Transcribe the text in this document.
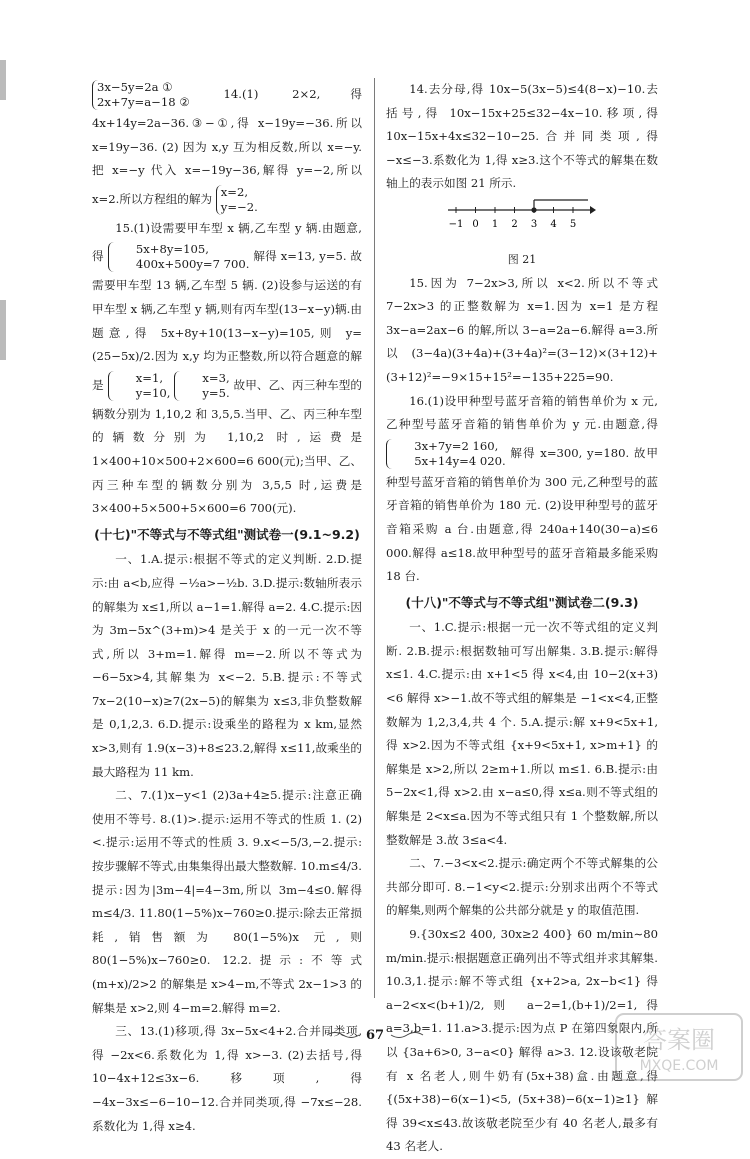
3x−5y=2a ①
2x+7y=a−18 ②
14.(1) 2×2,得 4x+14y=2a−36.③−①,得 x−19y=−36.所以 x=19y−36. (2) 因为 x,y 互为相反数,所以 x=−y.把 x=−y 代入 x=−19y−36,解得 y=−2,所以 x=2.所以方程组的解为 x=2,
y=−2.

15.(1)设需要甲车型 x 辆,乙车型 y 辆.由题意,得	5x+8y=105,
400x+500y=7 700.
解得 x=13, y=5. 故需要甲车型 13 辆,乙车型 5 辆. (2)设参与运送的有甲车型 x 辆,乙车型 y 辆,则有丙车型(13−x−y)辆.由题意,得 5x+8y+10(13−x−y)=105,则 y=(25−5x)/2.因为 x,y 均为正整数,所以符合题意的解是	x=1,
y=10,

x=3,
y=5.
故甲、乙、丙三种车型的辆数分别为 1,10,2 和 3,5,5.当甲、乙、丙三种车型的辆数分别为 1,10,2 时,运费是 1×400+10×500+2×600=6 600(元);当甲、乙、丙三种车型的辆数分别为 3,5,5 时,运费是 3×400+5×500+5×600=6 700(元).

(十七)"不等式与不等式组"测试卷一(9.1~9.2)

一、1.A.提示:根据不等式的定义判断. 2.D.提示:由 a<b,应得 −½a>−½b. 3.D.提示:数轴所表示的解集为 x≤1,所以 a−1=1.解得 a=2. 4.C.提示:因为 3m−5x^(3+m)>4 是关于 x 的一元一次不等式,所以 3+m=1.解得 m=−2.所以不等式为 −6−5x>4,其解集为 x<−2. 5.B.提示:不等式 7x−2(10−x)≥7(2x−5)的解集为 x≤3,非负整数解是 0,1,2,3. 6.D.提示:设乘坐的路程为 x km,显然 x>3,则有 1.9(x−3)+8≤23.2,解得 x≤11,故乘坐的最大路程为 11 km.

二、7.(1)x−y<1 (2)3a+4≥5.提示:注意正确使用不等号. 8.(1)>.提示:运用不等式的性质 1. (2)<.提示:运用不等式的性质 3. 9.x<−5/3,−2.提示:按步骤解不等式,由集集得出最大整数解. 10.m≤4/3.提示:因为|3m−4|=4−3m,所以 3m−4≤0.解得 m≤4/3. 11.80(1−5%)x−760≥0.提示:除去正常损耗,销售额为 80(1−5%)x 元,则 80(1−5%)x−760≥0. 12.2.提示:不等式 (m+x)/2>2 的解集是 x>4−m,不等式 2x−1>3 的解集是 x>2,则 4−m=2.解得 m=2.

三、13.(1)移项,得 3x−5x<4+2.合并同类项,得 −2x<6.系数化为 1,得 x>−3. (2)去括号,得 10−4x+12≤3x−6.移项,得 −4x−3x≤−6−10−12.合并同类项,得 −7x≤−28.系数化为 1,得 x≥4.

14.去分母,得 10x−5(3x−5)≤4(8−x)−10.去括号,得 10x−15x+25≤32−4x−10.移项,得 10x−15x+4x≤32−10−25.合并同类项,得 −x≤−3.系数化为 1,得 x≥3.这个不等式的解集在数轴上的表示如图 21 所示.

−1 0 1 2 3 4 5
图 21

15.因为 7−2x>3,所以 x<2.所以不等式 7−2x>3 的正整数解为 x=1.因为 x=1 是方程 3x−a=2ax−6 的解,所以 3−a=2a−6.解得 a=3.所以(3−4a)(3+4a)+(3+4a)²=(3−12)×(3+12)+(3+12)²=−9×15+15²=−135+225=90.

16.(1)设甲种型号蓝牙音箱的销售单价为 x 元,乙种型号蓝牙音箱的销售单价为 y 元.由题意,得
3x+7y=2 160,
5x+14y=4 020.
解得 x=300, y=180. 故甲种型号蓝牙音箱的销售单价为 300 元,乙种型号的蓝牙音箱的销售单价为 180 元. (2)设甲种型号的蓝牙音箱采购 a 台.由题意,得 240a+140(30−a)≤6 000.解得 a≤18.故甲种型号的蓝牙音箱最多能采购 18 台.

(十八)"不等式与不等式组"测试卷二(9.3)

一、1.C.提示:根据一元一次不等式组的定义判断. 2.B.提示:根据数轴可写出解集. 3.B.提示:解得 x≤1. 4.C.提示:由 x+1<5 得 x<4,由 10−2(x+3)<6 解得 x>−1.故不等式组的解集是 −1<x<4,正整数解为 1,2,3,4,共 4 个. 5.A.提示:解 x+9<5x+1,得 x>2.因为不等式组 {x+9<5x+1, x>m+1} 的解集是 x>2,所以 2≥m+1.所以 m≤1. 6.B.提示:由 5−2x<1,得 x>2.由 x−a≤0,得 x≤a.则不等式组的解集是 2<x≤a.因为不等式组只有 1 个整数解,所以整数解是 3.故 3≤a<4.

二、7.−3<x<2.提示:确定两个不等式解集的公共部分即可. 8.−1<y<2.提示:分别求出两个不等式的解集,则两个解集的公共部分就是 y 的取值范围.

9.{30x≤2 400, 30x≥2 400} 60 m/min∼80 m/min.提示:根据题意正确列出不等式组并求其解集. 10.3,1.提示:解不等式组 {x+2>a, 2x−b<1} 得 a−2<x<(b+1)/2,则 a−2=1,(b+1)/2=1,得 a=3,b=1. 11.a>3.提示:因为点 P 在第四象限内,所以 {3a+6>0, 3−a<0} 解得 a>3. 12.设该敬老院有 x 名老人,则牛奶有(5x+38)盒.由题意,得 {(5x+38)−6(x−1)<5, (5x+38)−6(x−1)≥1} 解得 39<x≤43.故该敬老院至少有 40 名老人,最多有 43 名老人.

67	答案圈
MXQE.COM
